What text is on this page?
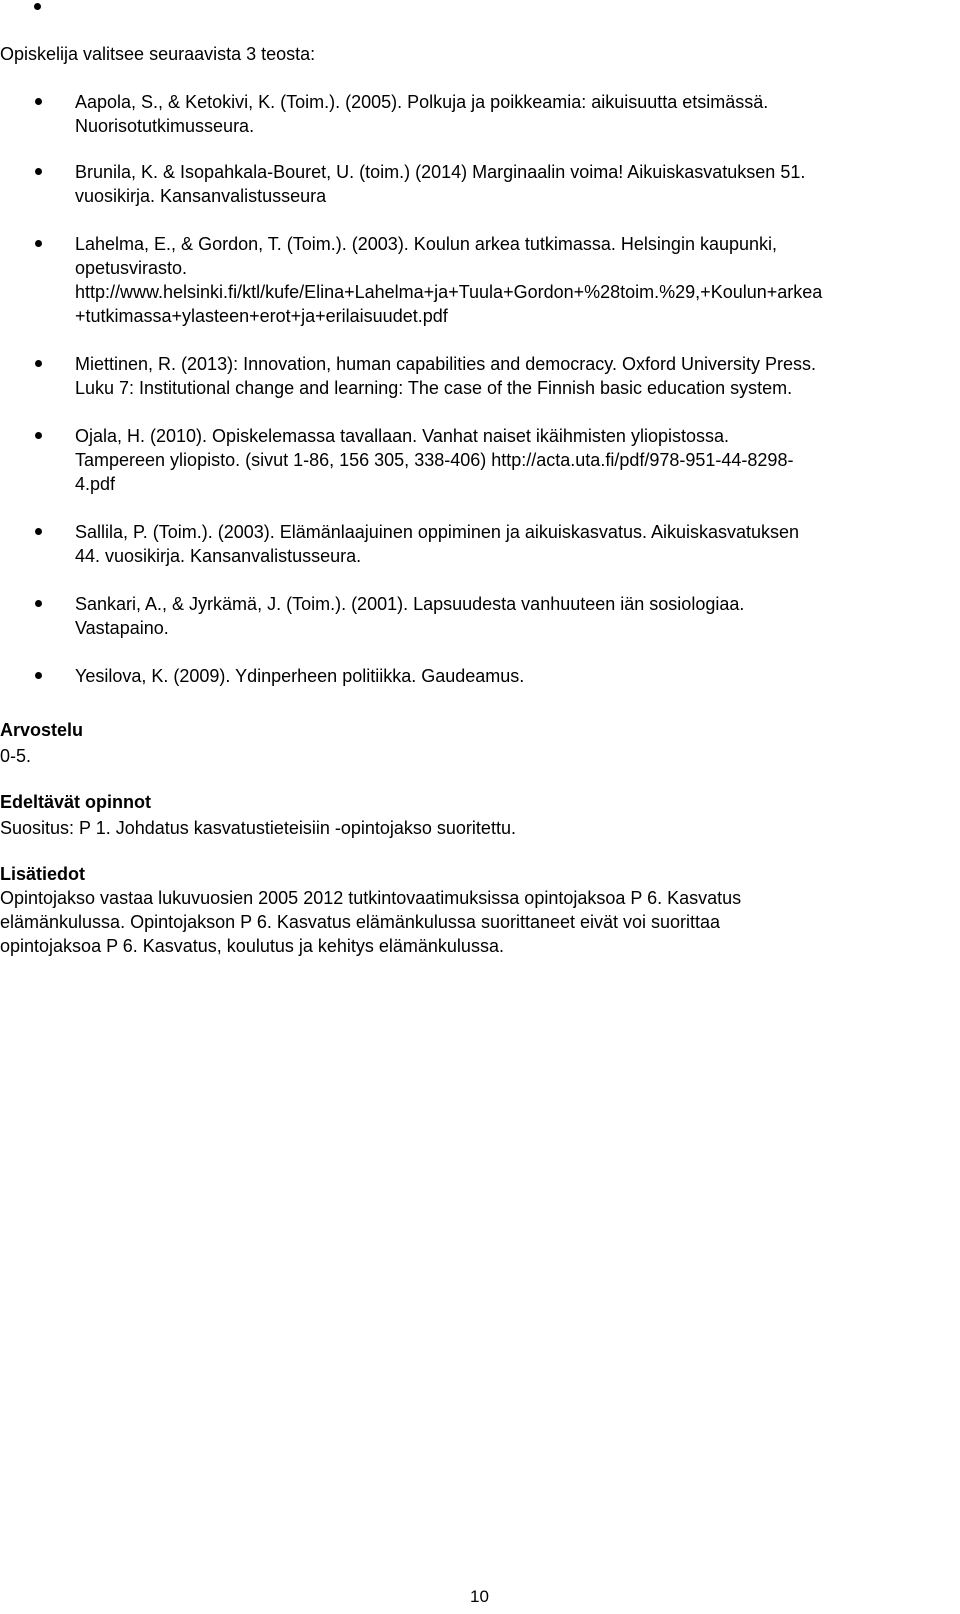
Opiskelija valitsee seuraavista 3 teosta:
Aapola, S., & Ketokivi, K. (Toim.). (2005). Polkuja ja poikkeamia: aikuisuutta etsimässä.
Nuorisotutkimusseura.
Brunila, K. & Isopahkala-Bouret, U. (toim.) (2014) Marginaalin voima! Aikuiskasvatuksen 51.
vuosikirja. Kansanvalistusseura
Lahelma, E., & Gordon, T. (Toim.). (2003). Koulun arkea tutkimassa. Helsingin kaupunki,
opetusvirasto.
http://www.helsinki.fi/ktl/kufe/Elina+Lahelma+ja+Tuula+Gordon+%28toim.%29,+Koulun+arkea
+tutkimassa+ylasteen+erot+ja+erilaisuudet.pdf
Miettinen, R. (2013): Innovation, human capabilities and democracy. Oxford University Press.
Luku 7: Institutional change and learning: The case of the Finnish basic education system.
Ojala, H. (2010). Opiskelemassa tavallaan. Vanhat naiset ikäihmisten yliopistossa.
Tampereen yliopisto. (sivut 1-86, 156 305, 338-406) http://acta.uta.fi/pdf/978-951-44-8298-
4.pdf
Sallila, P. (Toim.). (2003). Elämänlaajuinen oppiminen ja aikuiskasvatus. Aikuiskasvatuksen
44. vuosikirja. Kansanvalistusseura.
Sankari, A., & Jyrkämä, J. (Toim.). (2001). Lapsuudesta vanhuuteen iän sosiologiaa.
Vastapaino.
Yesilova, K. (2009). Ydinperheen politiikka. Gaudeamus.
Arvostelu
0-5.
Edeltävät opinnot
Suositus: P 1. Johdatus kasvatustieteisiin -opintojakso suoritettu.
Lisätiedot
Opintojakso vastaa lukuvuosien 2005 2012 tutkintovaatimuksissa opintojaksoa P 6. Kasvatus
elämänkulussa. Opintojakson P 6. Kasvatus elämänkulussa suorittaneet eivät voi suorittaa
opintojaksoa P 6. Kasvatus, koulutus ja kehitys elämänkulussa.
10
